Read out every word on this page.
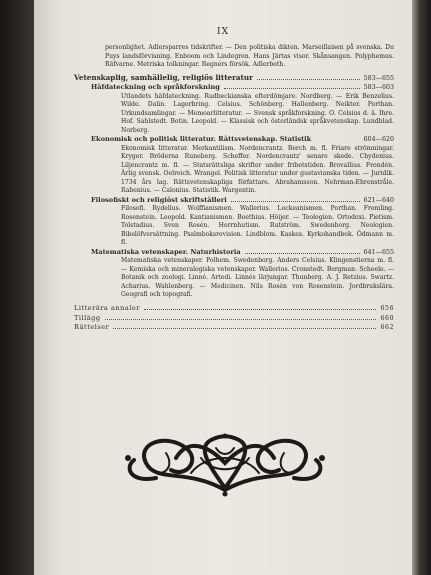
IX

personlighet. Adlersparres tidskrifter. — Den politiska dikten. Marseillaisen på svenska. Du Puys landsförvisning. Enboom och Lindegren. Hans Järtas visor. Skånsangen. Polyphemus. Räfvarne. Metriska tolkningar. Regnérs försök. Adlerbeth.

Vetenskaplig, samhällelig, religiös litteratur	583—655
Häfdateckning och språkforskning	583—603

Utlandets häfdateckning. Rudbeckianska efterdömjare. Nordberg. — Erik Benzelius. Wilde. Dalin. Lagerbring. Celsius. Schönberg. Hallenberg. Neikter. Porthan. Urkundsamlingar. — Memoarlitteratur. — Svensk språkforskning. O. Celsius d. ä. Ihre. Hof. Sahlstedt. Botin. Leopold. — Klassisk och österländsk språkvetenskap. Lundblad. Norberg.

Ekonomisk och politisk litteratur. Rättsvetenskap. Statistik	604—620

Ekonomisk litteratur. Merkantilism. Nordencrantz. Berch m. fl. Friare strömningar. Kryger. Bröderna Runeberg. Scheffer. Nordencrantz' senare skede. Chydenius. Liljencrantz m. fl. — Statsrättsliga skrifter under frihetstiden. Brovallius. Frondén. Ärlig svensk. Oelreich. Wrangel. Politisk litteratur under gustavianska tiden. — Juridik. 1734 års lag. Rättsvetenskapliga författare. Abrahamsson. Nehrman-Ehrenstråle. Rabenius. — Calonius. Statistik. Wargentin.

Filosofiskt och religiöst skriftställeri	621—640

Filosofi. Rydelius. Wolffianismen. Wallerius. Lockeanismen. Porthan. Fremling. Rosenstein. Leopold. Kantianismen. Boethius. Höijer. — Teologien. Ortodoxi. Pietism. Tolstadius. Sven Rosén. Herrnhutism. Rutström. Swedenborg. Neologien. Bibelöfversättning. Psalmboksrevision. Lindblom. Kaskes. Kyrkohandbok. Ödmann m. fl.

Matematiska vetenskaper. Naturhistoria	641—655

Matematiska vetenskaper. Polhem. Swedenborg. Anders Celsius. Klingenstierna m. fl. — Kemiska och mineralogiska vetenskaper. Wallerius. Cronstedt. Bergman. Scheele. — Botanik och zoologi. Linné. Artedi. Linnés lärjungar. Thunberg. A. J. Retzius. Swartz. Acharius. Wahlenberg. — Medicinen. Nils Rosén von Rosenstein. Jordbrukslära. Geografi och topografi.

Litterära annaler	656
Tillägg	660
Rättelser	662
